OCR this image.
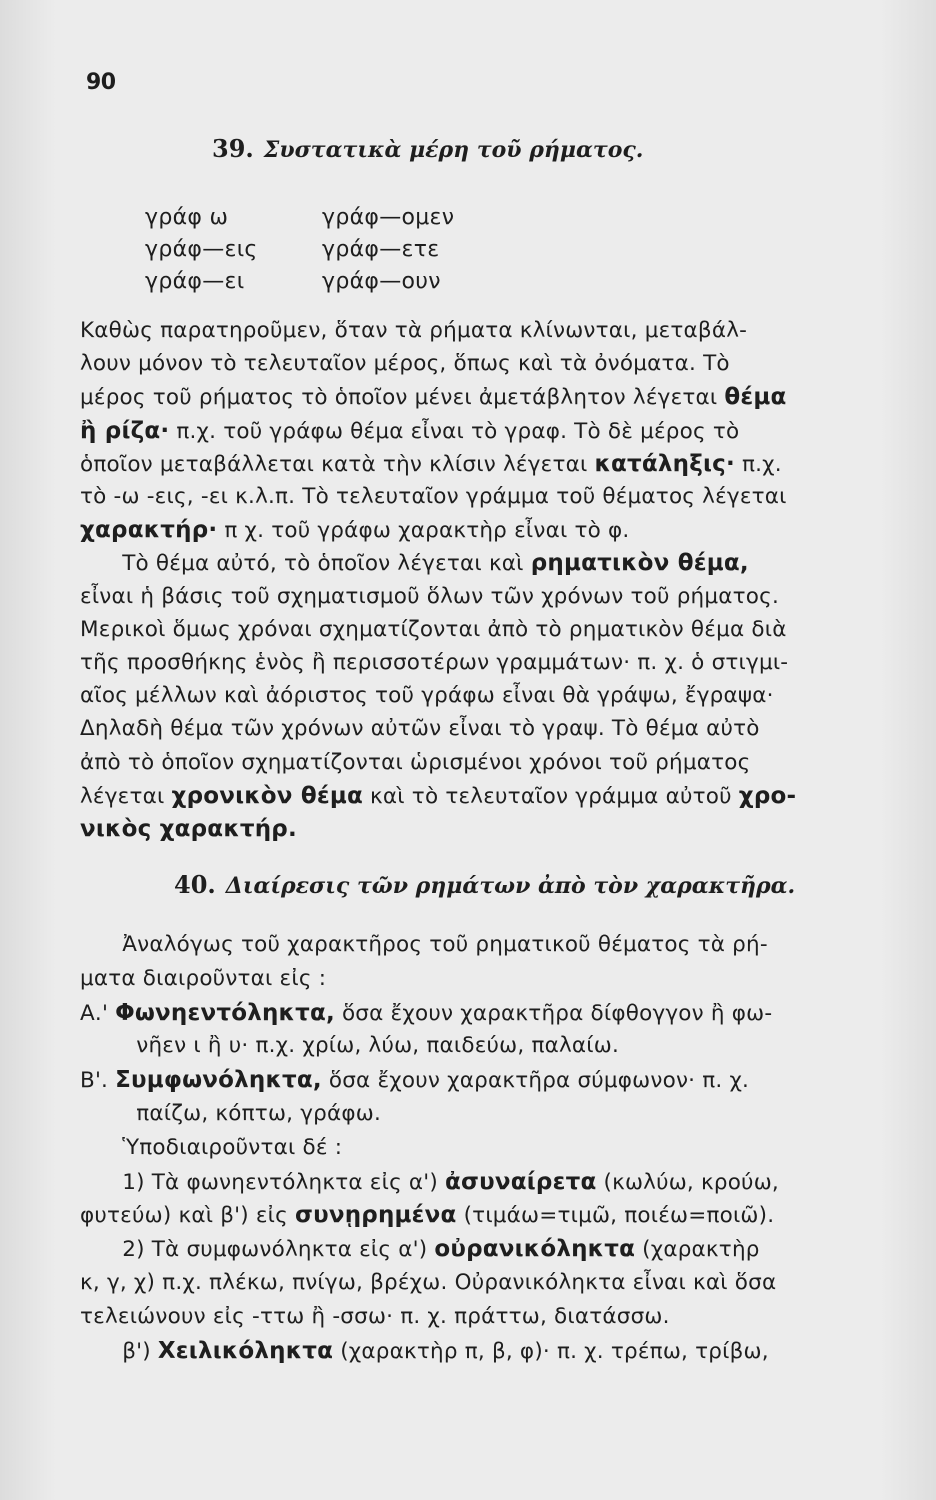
90
39. Συστατικὰ μέρη τοῦ ρήματος.
γράφ ω
γράφ—εις
γράφ—ει
γράφ—ομεν
γράφ—ετε
γράφ—ουν
Καθὼς παρατηροῦμεν, ὅταν τὰ ρήματα κλίνωνται, μεταβάλ-
λουν μόνον τὸ τελευταῖον μέρος, ὅπως καὶ τὰ ὀνόματα. Τὸ
μέρος τοῦ ρήματος τὸ ὁποῖον μένει ἀμετάβλητον λέγεται θέμα
ἢ ρίζα· π.χ. τοῦ γράφω θέμα εἶναι τὸ γραφ. Τὸ δὲ μέρος τὸ
ὁποῖον μεταβάλλεται κατὰ τὴν κλίσιν λέγεται κατάληξις· π.χ.
τὸ -ω -εις, -ει κ.λ.π. Τὸ τελευταῖον γράμμα τοῦ θέματος λέγεται
χαρακτήρ· π χ. τοῦ γράφω χαρακτὴρ εἶναι τὸ φ.
Τὸ θέμα αὐτό, τὸ ὁποῖον λέγεται καὶ ρηματικὸν θέμα,
εἶναι ἡ βάσις τοῦ σχηματισμοῦ ὅλων τῶν χρόνων τοῦ ρήματος.
Μερικοὶ ὅμως χρόναι σχηματίζονται ἀπὸ τὸ ρηματικὸν θέμα διὰ
τῆς προσθήκης ἑνὸς ἢ περισσοτέρων γραμμάτων· π. χ. ὁ στιγμι-
αῖος μέλλων καὶ ἀόριστος τοῦ γράφω εἶναι θὰ γράψω, ἔγραψα·
Δηλαδὴ θέμα τῶν χρόνων αὐτῶν εἶναι τὸ γραψ. Τὸ θέμα αὐτὸ
ἀπὸ τὸ ὁποῖον σχηματίζονται ὡρισμένοι χρόνοι τοῦ ρήματος
λέγεται χρονικὸν θέμα καὶ τὸ τελευταῖον γράμμα αὐτοῦ χρο-
νικὸς χαρακτήρ.
40. Διαίρεσις τῶν ρημάτων ἀπὸ τὸν χαρακτῆρα.
Ἀναλόγως τοῦ χαρακτῆρος τοῦ ρηματικοῦ θέματος τὰ ρή-
ματα διαιροῦνται εἰς :
Α.' Φωνηεντόληκτα, ὅσα ἔχουν χαρακτῆρα δίφθογγον ἢ φω-
νῆεν ι ἢ υ· π.χ. χρίω, λύω, παιδεύω, παλαίω.
Β'. Συμφωνόληκτα, ὅσα ἔχουν χαρακτῆρα σύμφωνον· π. χ.
παίζω, κόπτω, γράφω.
Ὑποδιαιροῦνται δέ :
1) Τὰ φωνηεντόληκτα εἰς α') ἀσυναίρετα (κωλύω, κρούω,
φυτεύω) καὶ β') εἰς συνῃρημένα (τιμάω=τιμῶ, ποιέω=ποιῶ).
2) Τὰ συμφωνόληκτα εἰς α') οὐρανικόληκτα (χαρακτὴρ
κ, γ, χ) π.χ. πλέκω, πνίγω, βρέχω. Οὐρανικόληκτα εἶναι καὶ ὅσα
τελειώνουν εἰς -ττω ἢ -σσω· π. χ. πράττω, διατάσσω.
β') Χειλικόληκτα (χαρακτὴρ π, β, φ)· π. χ. τρέπω, τρίβω,
